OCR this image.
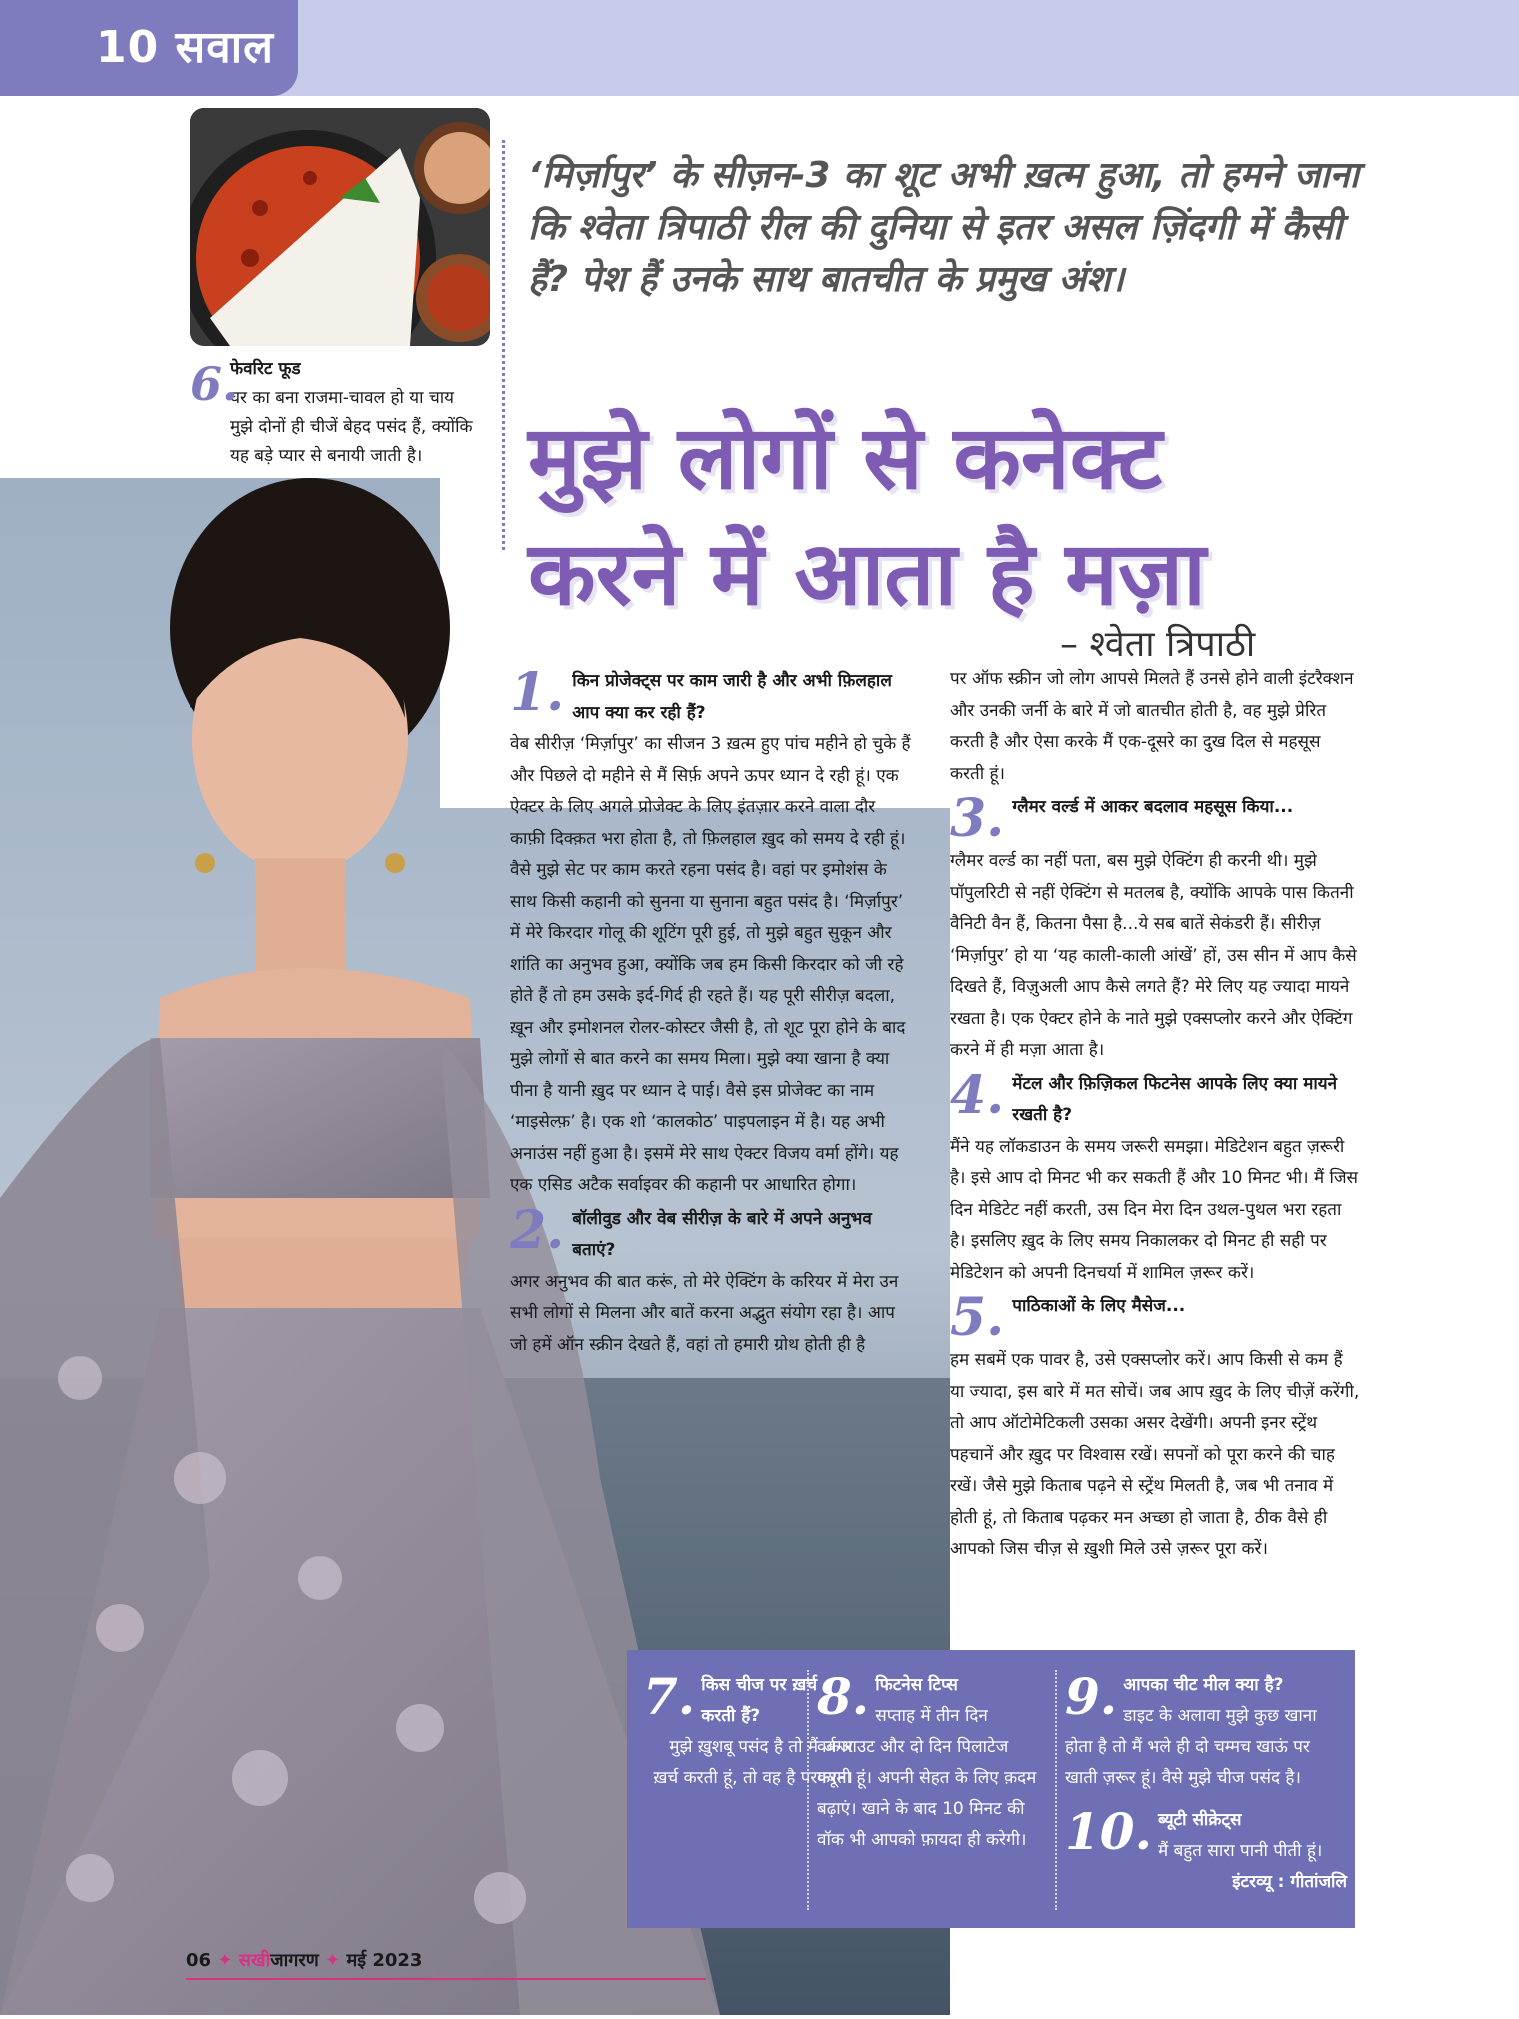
10 सवाल
6.
फेवरिट फूड
घर का बना राजमा-चावल हो या चाय मुझे दोनों ही चीजें बेहद पसंद हैं, क्योंकि यह बड़े प्यार से बनायी जाती है।
‘मिर्ज़ापुर’ के सीज़न-3 का शूट अभी ख़त्म हुआ, तो हमने जाना कि श्वेता त्रिपाठी रील की दुनिया से इतर असल ज़िंदगी में कैसी हैं? पेश हैं उनके साथ बातचीत के प्रमुख अंश।
मुझे लोगों से कनेक्ट
करने में आता है मज़ा
– श्वेता त्रिपाठी
1. किन प्रोजेक्ट्स पर काम जारी है और अभी फ़िलहाल आप क्या कर रही हैं?

वेब सीरीज़ ‘मिर्ज़ापुर’ का सीजन 3 ख़त्म हुए पांच महीने हो चुके हैं और पिछले दो महीने से मैं सिर्फ़ अपने ऊपर ध्यान दे रही हूं। एक ऐक्टर के लिए अगले प्रोजेक्ट के लिए इंतज़ार करने वाला दौर काफ़ी दिक्क़त भरा होता है, तो फ़िलहाल ख़ुद को समय दे रही हूं। वैसे मुझे सेट पर काम करते रहना पसंद है। वहां पर इमोशंस के साथ किसी कहानी को सुनना या सुनाना बहुत पसंद है। ‘मिर्ज़ापुर’ में मेरे किरदार गोलू की शूटिंग पूरी हुई, तो मुझे बहुत सुकून और शांति का अनुभव हुआ, क्योंकि जब हम किसी किरदार को जी रहे होते हैं तो हम उसके इर्द-गिर्द ही रहते हैं। यह पूरी सीरीज़ बदला, ख़ून और इमोशनल रोलर-कोस्टर जैसी है, तो शूट पूरा होने के बाद मुझे लोगों से बात करने का समय मिला। मुझे क्या खाना है क्या पीना है यानी ख़ुद पर ध्यान दे पाई। वैसे इस प्रोजेक्ट का नाम ‘माइसेल्फ़’ है। एक शो ‘कालकोठ’ पाइपलाइन में है। यह अभी अनाउंस नहीं हुआ है। इसमें मेरे साथ ऐक्टर विजय वर्मा होंगे। यह एक एसिड अटैक सर्वाइवर की कहानी पर आधारित होगा।

2. बॉलीवुड और वेब सीरीज़ के बारे में अपने अनुभव बताएं?

अगर अनुभव की बात करूं, तो मेरे ऐक्टिंग के करियर में मेरा उन सभी लोगों से मिलना और बातें करना अद्भुत संयोग रहा है। आप जो हमें ऑन स्क्रीन देखते हैं, वहां तो हमारी ग्रोथ होती ही है

पर ऑफ स्क्रीन जो लोग आपसे मिलते हैं उनसे होने वाली इंटरैक्शन और उनकी जर्नी के बारे में जो बातचीत होती है, वह मुझे प्रेरित करती है और ऐसा करके मैं एक-दूसरे का दुख दिल से महसूस करती हूं।

3. ग्लैमर वर्ल्ड में आकर बदलाव महसूस किया...

ग्लैमर वर्ल्ड का नहीं पता, बस मुझे ऐक्टिंग ही करनी थी। मुझे पॉपुलरिटी से नहीं ऐक्टिंग से मतलब है, क्योंकि आपके पास कितनी वैनिटी वैन हैं, कितना पैसा है...ये सब बातें सेकंडरी हैं। सीरीज़ ‘मिर्ज़ापुर’ हो या ‘यह काली-काली आंखें’ हों, उस सीन में आप कैसे दिखते हैं, विज़ुअली आप कैसे लगते हैं? मेरे लिए यह ज्यादा मायने रखता है। एक ऐक्टर होने के नाते मुझे एक्सप्लोर करने और ऐक्टिंग करने में ही मज़ा आता है।

4. मेंटल और फ़िज़िकल फिटनेस आपके लिए क्या मायने रखती है?

मैंने यह लॉकडाउन के समय जरूरी समझा। मेडिटेशन बहुत ज़रूरी है। इसे आप दो मिनट भी कर सकती हैं और 10 मिनट भी। मैं जिस दिन मेडिटेट नहीं करती, उस दिन मेरा दिन उथल-पुथल भरा रहता है। इसलिए ख़ुद के लिए समय निकालकर दो मिनट ही सही पर मेडिटेशन को अपनी दिनचर्या में शामिल ज़रूर करें।

5. पाठिकाओं के लिए मैसेज...

हम सबमें एक पावर है, उसे एक्सप्लोर करें। आप किसी से कम हैं या ज्यादा, इस बारे में मत सोचें। जब आप ख़ुद के लिए चीज़ें करेंगी, तो आप ऑटोमेटिकली उसका असर देखेंगी। अपनी इनर स्ट्रेंथ पहचानें और ख़ुद पर विश्वास रखें। सपनों को पूरा करने की चाह रखें। जैसे मुझे किताब पढ़ने से स्ट्रेंथ मिलती है, जब भी तनाव में होती हूं, तो किताब पढ़कर मन अच्छा हो जाता है, ठीक वैसे ही आपको जिस चीज़ से ख़ुशी मिले उसे ज़रूर पूरा करें।

7. किस चीज पर ख़र्च करती हैं?
मुझे ख़ुशबू पसंद है तो मैं अगर ख़र्च करती हूं, तो वह है परफ्यूम।
8. फिटनेस टिप्स
सप्ताह में तीन दिन वर्कआउट और दो दिन पिलाटेज करती हूं। अपनी सेहत के लिए क़दम बढ़ाएं। खाने के बाद 10 मिनट की वॉक भी आपको फ़ायदा ही करेगी।
9. आपका चीट मील क्या है?
डाइट के अलावा मुझे कुछ खाना होता है तो मैं भले ही दो चम्मच खाऊं पर खाती ज़रूर हूं। वैसे मुझे चीज पसंद है।
10. ब्यूटी सीक्रेट्स
मैं बहुत सारा पानी पीती हूं।
इंटरव्यू : गीतांजलि
06 ✦ सखीजागरण ✦ मई 2023
